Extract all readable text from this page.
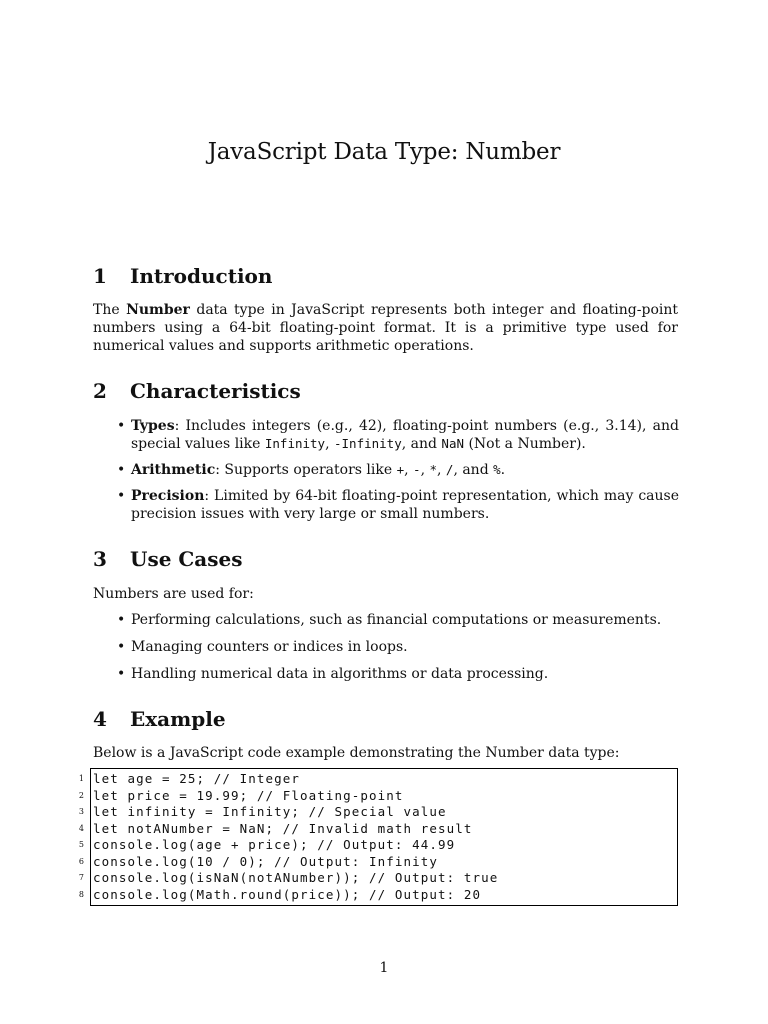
JavaScript Data Type: Number
1 Introduction
The Number data type in JavaScript represents both integer and floating-point numbers using a 64-bit floating-point format. It is a primitive type used for numerical values and supports arithmetic operations.
2 Characteristics
• Types: Includes integers (e.g., 42), floating-point numbers (e.g., 3.14), and special values like Infinity, -Infinity, and NaN (Not a Number).
• Arithmetic: Supports operators like +, -, *, /, and %.
• Precision: Limited by 64-bit floating-point representation, which may cause precision issues with very large or small numbers.
3 Use Cases
Numbers are used for:
• Performing calculations, such as financial computations or measurements.
• Managing counters or indices in loops.
• Handling numerical data in algorithms or data processing.
4 Example
Below is a JavaScript code example demonstrating the Number data type:
1 let age = 25; // Integer
2 let price = 19.99; // Floating-point
3 let infinity = Infinity; // Special value
4 let notANumber = NaN; // Invalid math result
5 console.log(age + price); // Output: 44.99
6 console.log(10 / 0); // Output: Infinity
7 console.log(isNaN(notANumber)); // Output: true
8 console.log(Math.round(price)); // Output: 20
1
